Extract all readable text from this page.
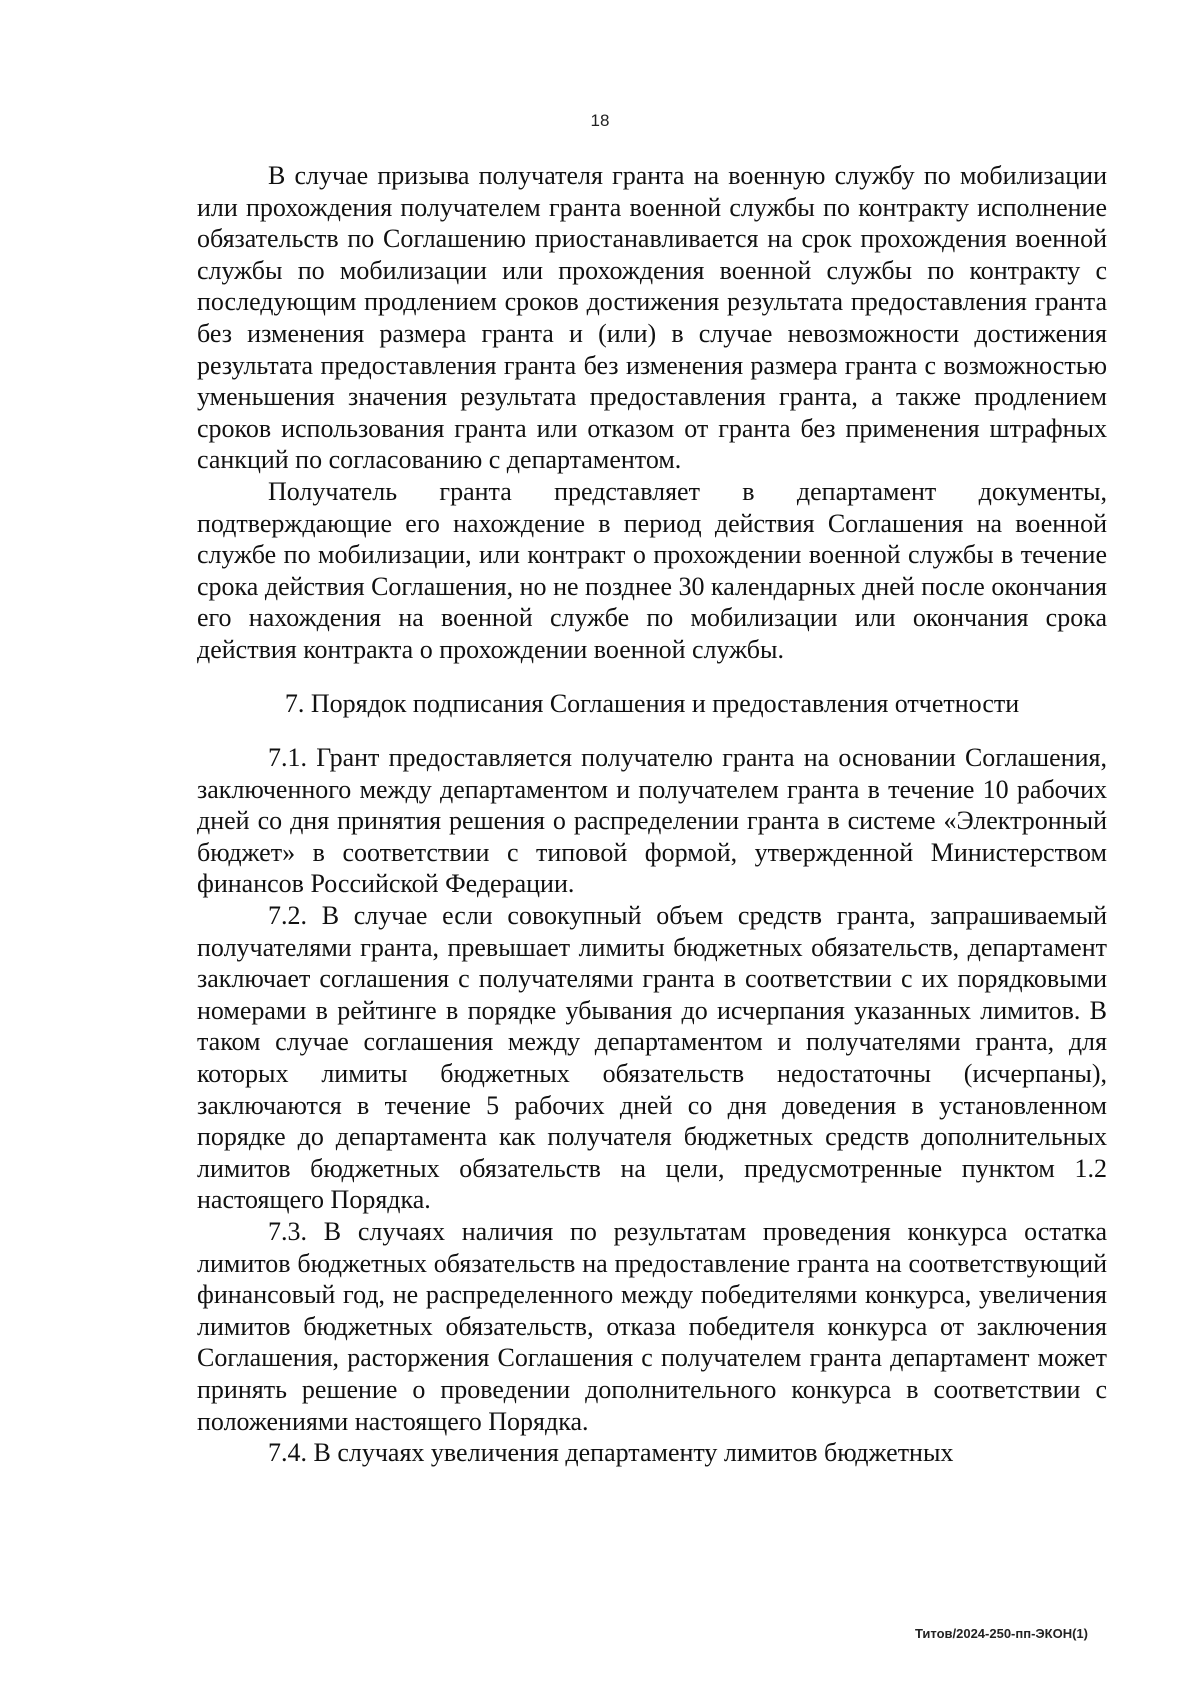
18

В случае призыва получателя гранта на военную службу по мобилизации или прохождения получателем гранта военной службы по контракту исполнение обязательств по Соглашению приостанавливается на срок прохождения военной службы по мобилизации или прохождения военной службы по контракту с последующим продлением сроков достижения результата предоставления гранта без изменения размера гранта и (или) в случае невозможности достижения результата предоставления гранта без изменения размера гранта с возможностью уменьшения значения результата предоставления гранта, а также продлением сроков использования гранта или отказом от гранта без применения штрафных санкций по согласованию с департаментом.

Получатель гранта представляет в департамент документы, подтверждающие его нахождение в период действия Соглашения на военной службе по мобилизации, или контракт о прохождении военной службы в течение срока действия Соглашения, но не позднее 30 календарных дней после окончания его нахождения на военной службе по мобилизации или окончания срока действия контракта о прохождении военной службы.

7. Порядок подписания Соглашения и предоставления отчетности

7.1. Грант предоставляется получателю гранта на основании Соглашения, заключенного между департаментом и получателем гранта в течение 10 рабочих дней со дня принятия решения о распределении гранта в системе «Электронный бюджет» в соответствии с типовой формой, утвержденной Министерством финансов Российской Федерации.

7.2. В случае если совокупный объем средств гранта, запрашиваемый получателями гранта, превышает лимиты бюджетных обязательств, департамент заключает соглашения с получателями гранта в соответствии с их порядковыми номерами в рейтинге в порядке убывания до исчерпания указанных лимитов. В таком случае соглашения между департаментом и получателями гранта, для которых лимиты бюджетных обязательств недостаточны (исчерпаны), заключаются в течение 5 рабочих дней со дня доведения в установленном порядке до департамента как получателя бюджетных средств дополнительных лимитов бюджетных обязательств на цели, предусмотренные пунктом 1.2 настоящего Порядка.

7.3. В случаях наличия по результатам проведения конкурса остатка лимитов бюджетных обязательств на предоставление гранта на соответствующий финансовый год, не распределенного между победителями конкурса, увеличения лимитов бюджетных обязательств, отказа победителя конкурса от заключения Соглашения, расторжения Соглашения с получателем гранта департамент может принять решение о проведении дополнительного конкурса в соответствии с положениями настоящего Порядка.

7.4. В случаях увеличения департаменту лимитов бюджетных

Титов/2024-250-пп-ЭКОН(1)
